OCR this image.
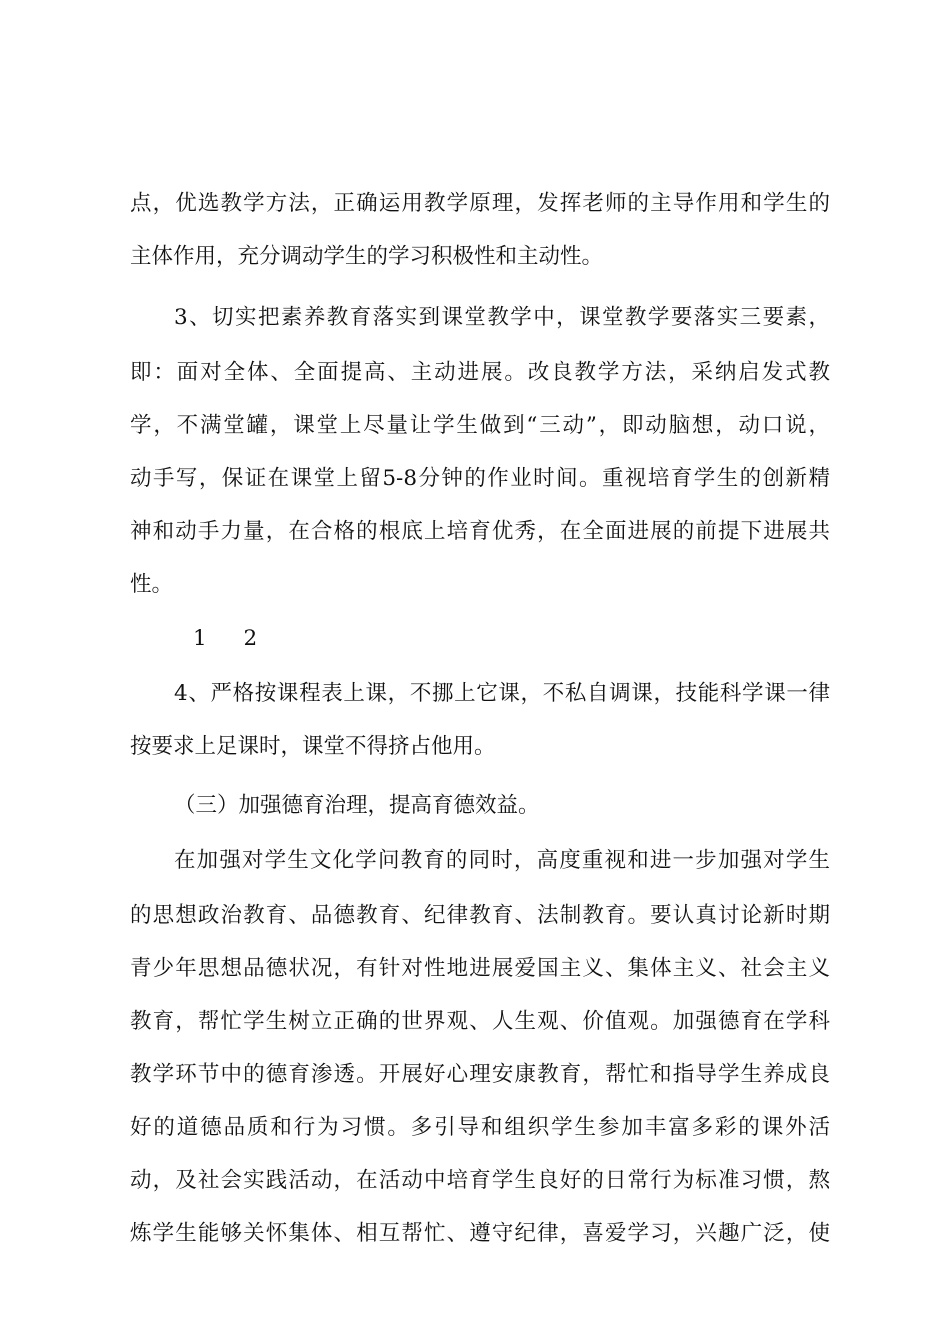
点，优选教学方法，正确运用教学原理，发挥老师的主导作用和学生的
主体作用，充分调动学生的学习积极性和主动性。
3、切实把素养教育落实到课堂教学中，课堂教学要落实三要素，
即：面对全体、全面提高、主动进展。改良教学方法，采纳启发式教
学，不满堂罐，课堂上尽量让学生做到“三动”，即动脑想，动口说，
动手写，保证在课堂上留5-8分钟的作业时间。重视培育学生的创新精
神和动手力量，在合格的根底上培育优秀，在全面进展的前提下进展共
性。
1 2
4、严格按课程表上课，不挪上它课，不私自调课，技能科学课一律
按要求上足课时，课堂不得挤占他用。
（三）加强德育治理，提高育德效益。
在加强对学生文化学问教育的同时，高度重视和进一步加强对学生
的思想政治教育、品德教育、纪律教育、法制教育。要认真讨论新时期
青少年思想品德状况，有针对性地进展爱国主义、集体主义、社会主义
教育，帮忙学生树立正确的世界观、人生观、价值观。加强德育在学科
教学环节中的德育渗透。开展好心理安康教育，帮忙和指导学生养成良
好的道德品质和行为习惯。多引导和组织学生参加丰富多彩的课外活
动，及社会实践活动，在活动中培育学生良好的日常行为标准习惯，熬
炼学生能够关怀集体、相互帮忙、遵守纪律，喜爱学习，兴趣广泛，使
